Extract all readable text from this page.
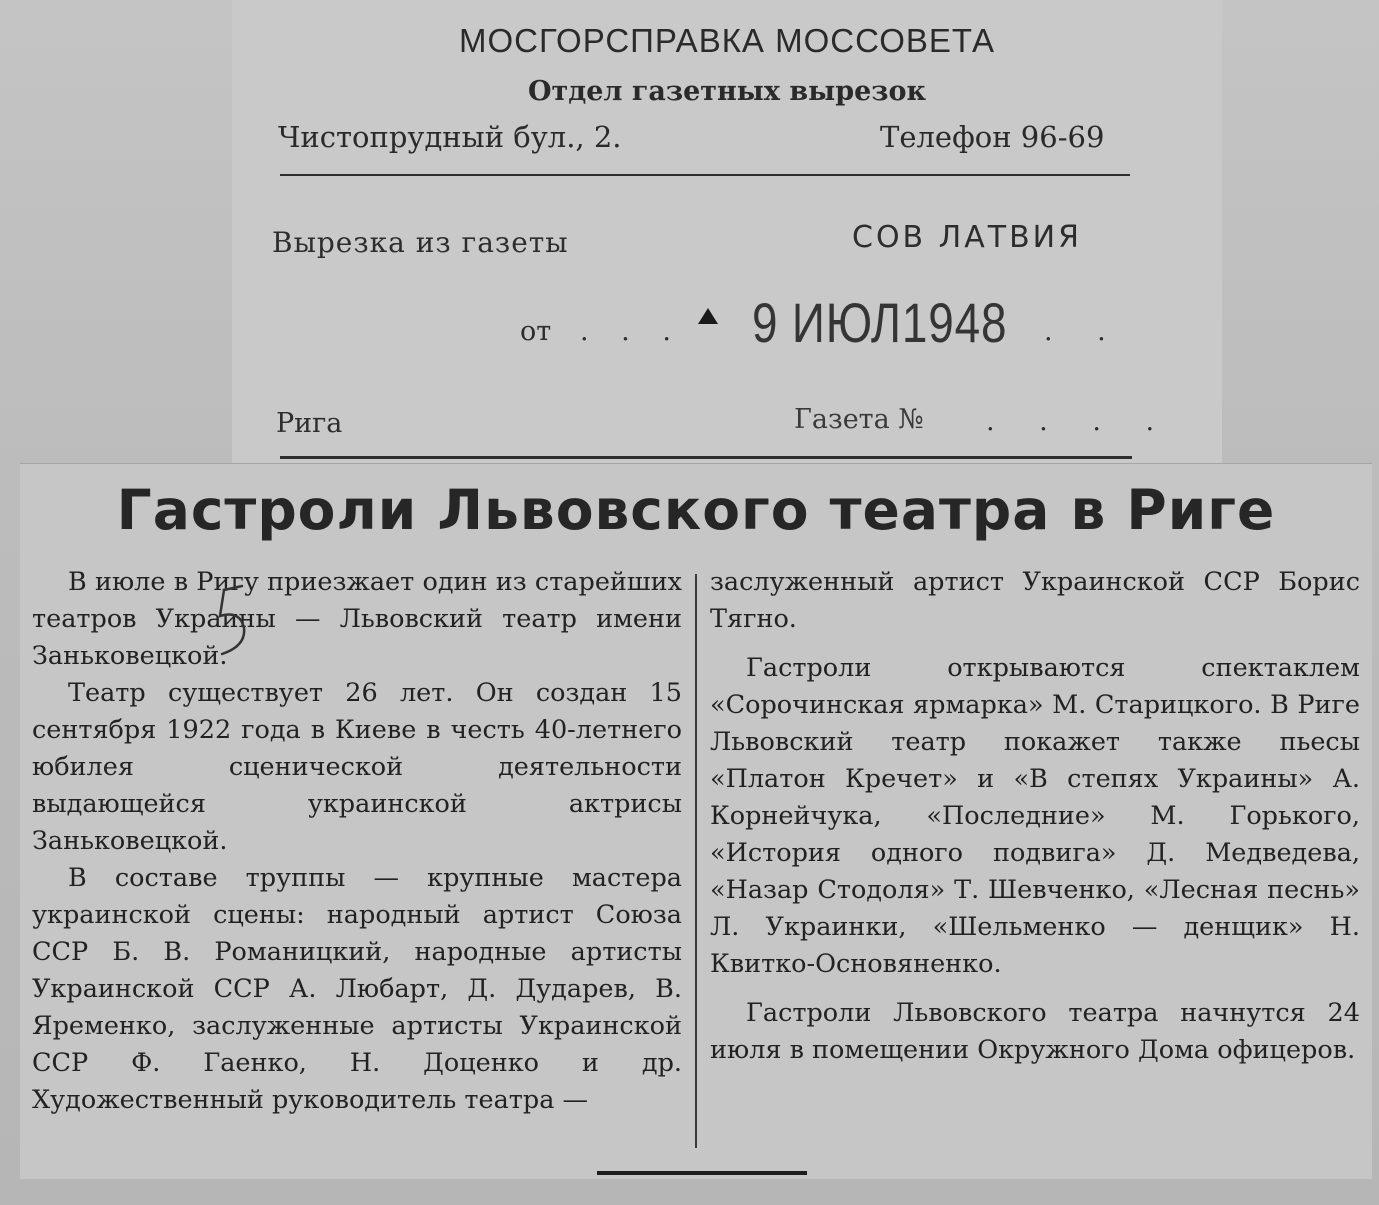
МОСГОРСПРАВКА МОССОВЕТА
Отдел газетных вырезок
Чистопрудный бул., 2.	Телефон 96-69
Вырезка из газеты	СОВ ЛАТВИЯ
от . . . 9 ИЮЛ1948 . .
Рига	Газета № . . . .
Гастроли Львовского театра в Риге

В июле в Ригу приезжает один из старейших театров Украины — Львовский театр имени Заньковецкой.

Театр существует 26 лет. Он создан 15 сентября 1922 года в Киеве в честь 40-летнего юбилея сценической деятельности выдающейся украинской актрисы Заньковецкой.

В составе труппы — крупные мастера украинской сцены: народный артист Союза ССР Б. В. Романицкий, народные артисты Украинской ССР А. Любарт, Д. Дударев, В. Яременко, заслуженные артисты Украинской ССР Ф. Гаенко, Н. Доценко и др. Художественный руководитель театра —

заслуженный артист Украинской ССР Борис Тягно.

Гастроли открываются спектаклем «Сорочинская ярмарка» М. Старицкого. В Риге Львовский театр покажет также пьесы «Платон Кречет» и «В степях Украины» А. Корнейчука, «Последние» М. Горького, «История одного подвига» Д. Медведева, «Назар Стодоля» Т. Шевченко, «Лесная песнь» Л. Украинки, «Шельменко — денщик» Н. Квитко-Основяненко.

Гастроли Львовского театра начнутся 24 июля в помещении Окружного Дома офицеров.
